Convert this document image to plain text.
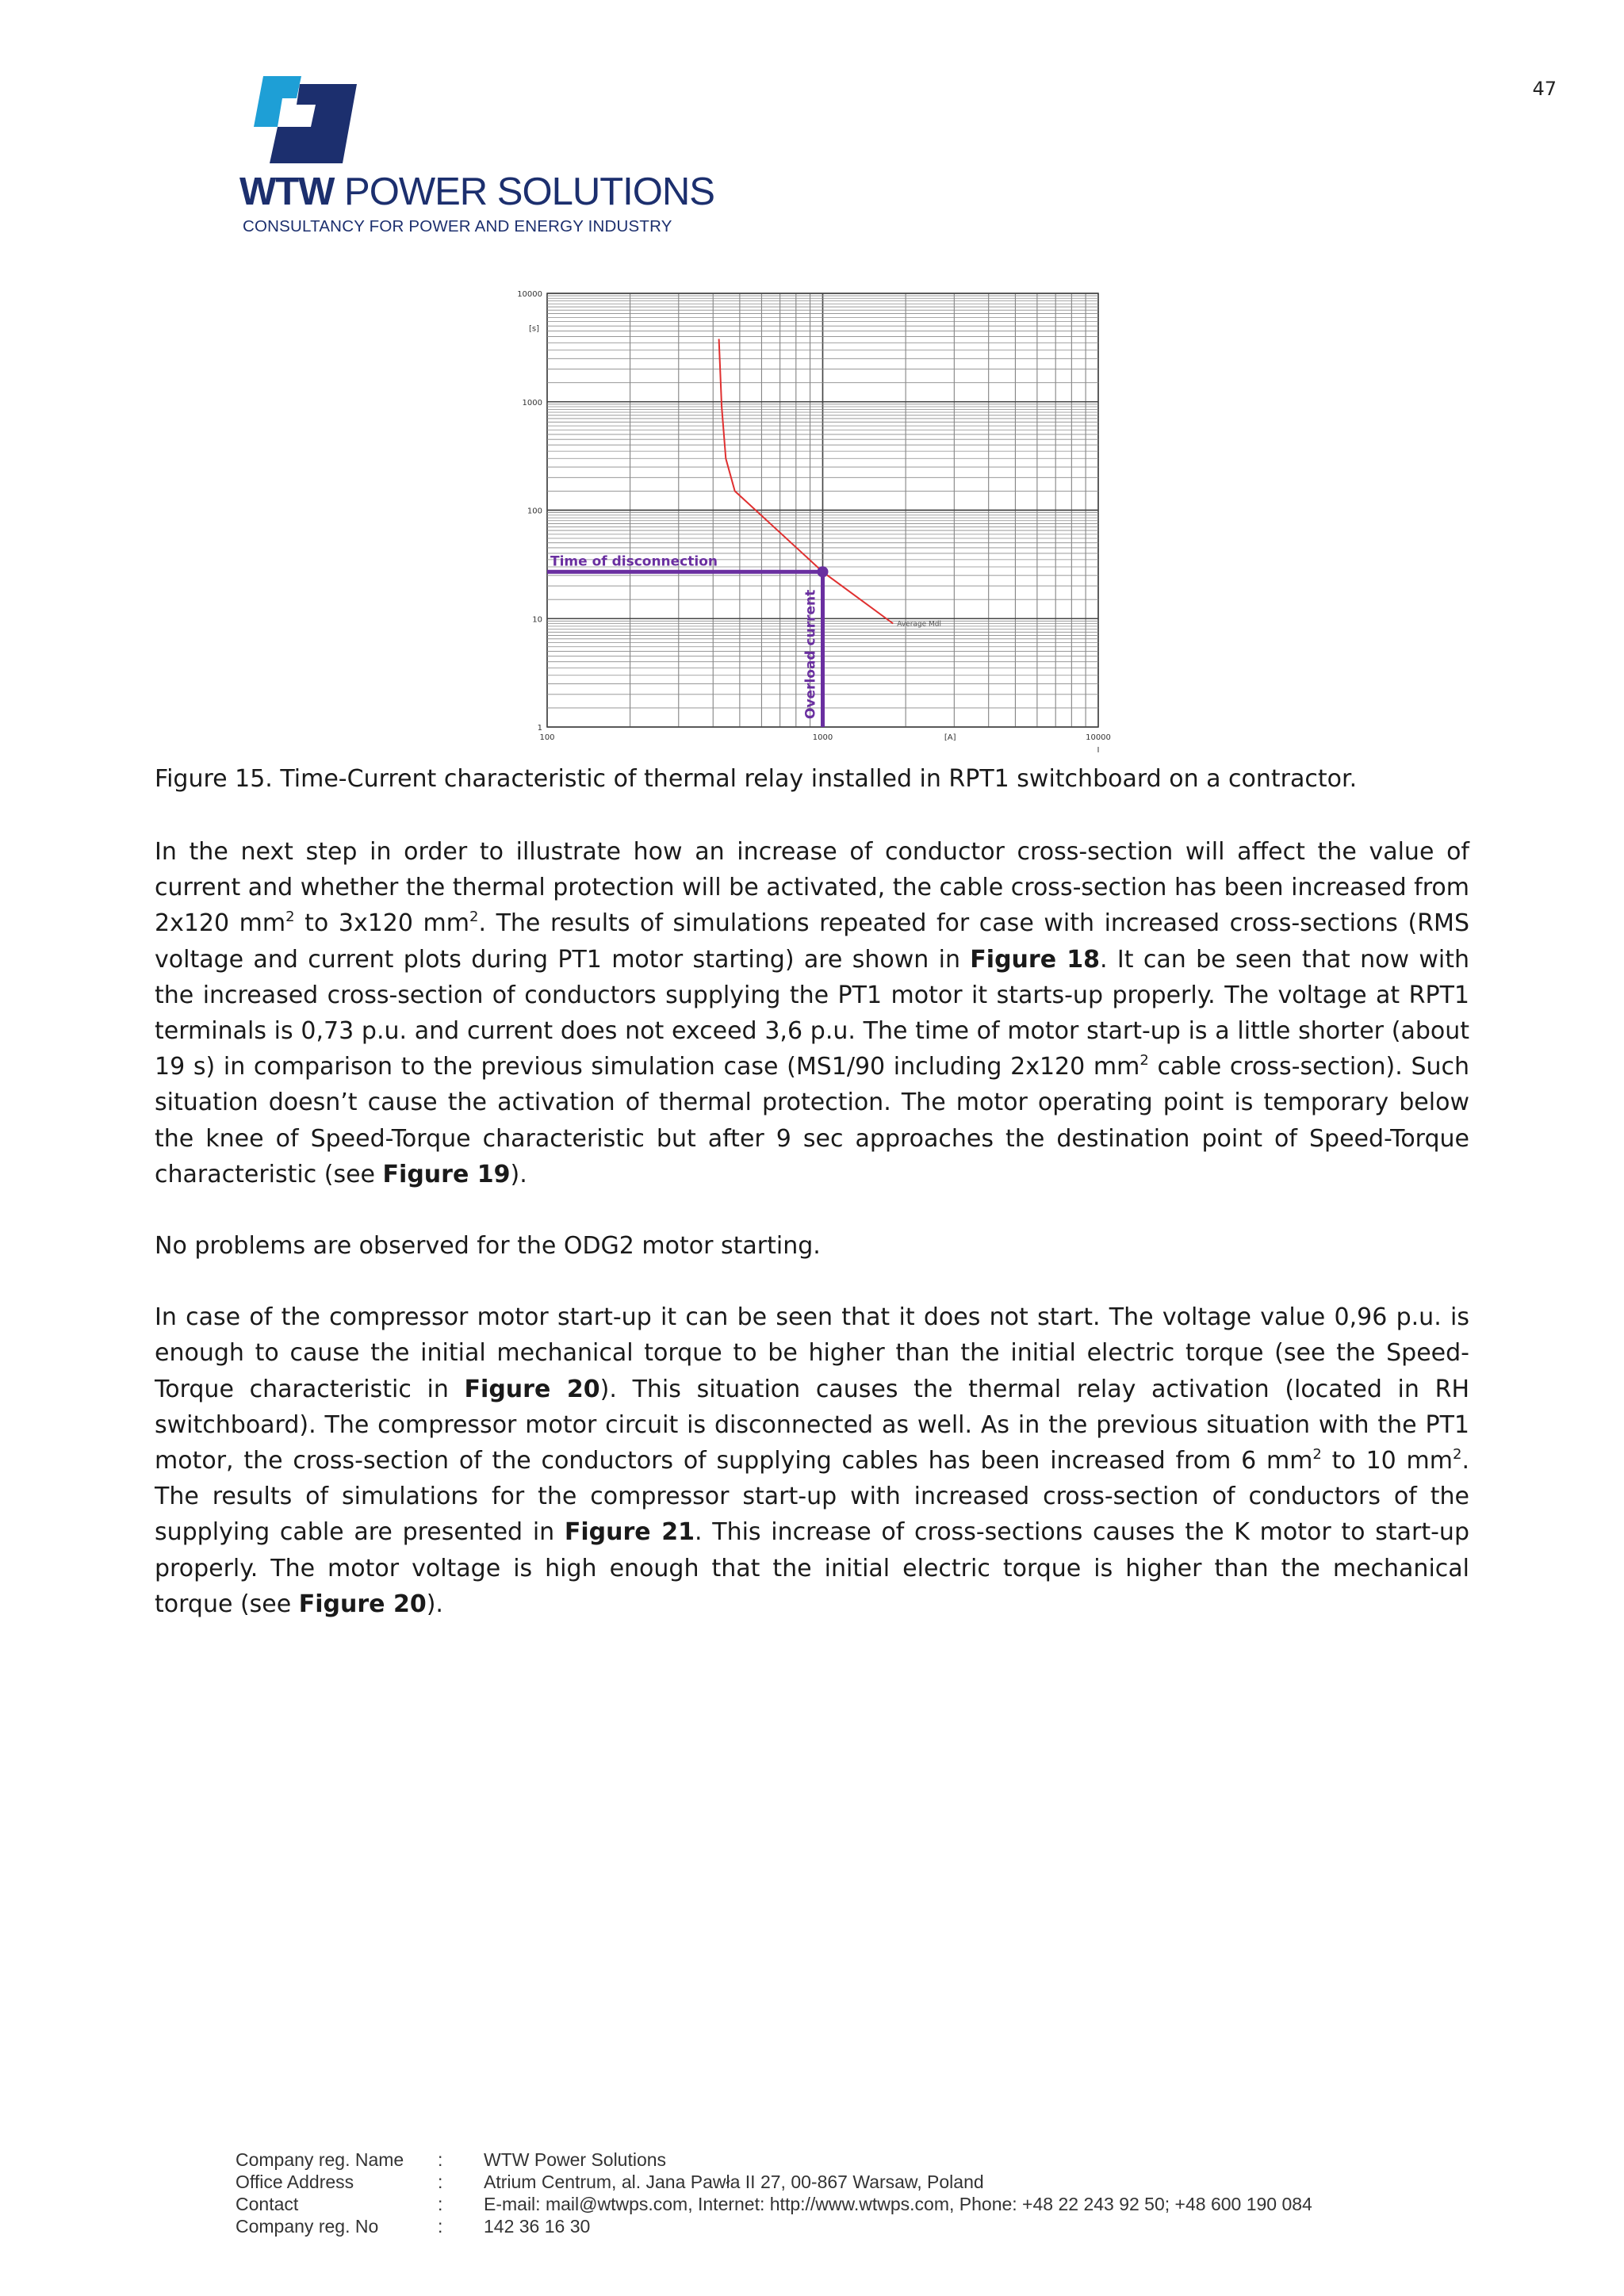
47
WTW POWER SOLUTIONS
CONSULTANCY FOR POWER AND ENERGY INDUSTRY
1
10
100
1000
10000
[s]
100	1000	10000
[A]
I
Average Mdl
Time of disconnection
Overload current
Figure 15. Time-Current characteristic of thermal relay installed in RPT1 switchboard on a contractor.

In the next step in order to illustrate how an increase of conductor cross-section will affect the value of current and whether the thermal protection will be activated, the cable cross-section has been increased from 2x120 $mm^2$ to 3x120 $mm^2$. The results of simulations repeated for case with increased cross-sections (RMS voltage and current plots during PT1 motor starting) are shown in Figure 18. It can be seen that now with the increased cross-section of conductors supplying the PT1 motor it starts-up properly. The voltage at RPT1 terminals is 0,73 p.u. and current does not exceed 3,6 p.u. The time of motor start-up is a little shorter (about 19 s) in comparison to the previous simulation case (MS1/90 including 2x120 $mm^2$ cable cross-section). Such situation doesn’t cause the activation of thermal protection. The motor operating point is temporary below the knee of Speed-Torque characteristic but after 9 sec approaches the destination point of Speed-Torque characteristic (see Figure 19).

No problems are observed for the ODG2 motor starting.

In case of the compressor motor start-up it can be seen that it does not start. The voltage value 0,96 p.u. is enough to cause the initial mechanical torque to be higher than the initial electric torque (see the Speed-Torque characteristic in Figure 20). This situation causes the thermal relay activation (located in RH switchboard). The compressor motor circuit is disconnected as well. As in the previous situation with the PT1 motor, the cross-section of the conductors of supplying cables has been increased from 6 $mm^2$ to 10 $mm^2$. The results of simulations for the compressor start-up with increased cross-section of conductors of the supplying cable are presented in Figure 21. This increase of cross-sections causes the K motor to start-up properly. The motor voltage is high enough that the initial electric torque is higher than the mechanical torque (see Figure 20).

Company reg. Name	:	WTW Power Solutions
Office Address	:	Atrium Centrum, al. Jana Pawła II 27, 00-867 Warsaw, Poland
Contact	:	E-mail: mail@wtwps.com, Internet: http://www.wtwps.com, Phone: +48 22 243 92 50; +48 600 190 084
Company reg. No	:	142 36 16 30
